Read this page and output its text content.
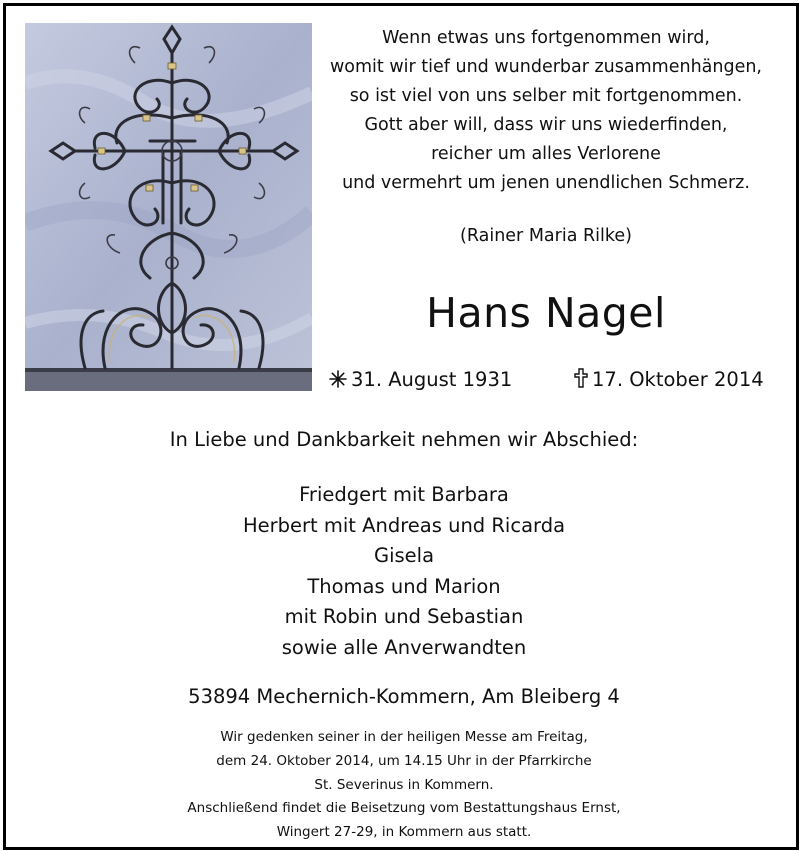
Wenn etwas uns fortgenommen wird,
womit wir tief und wunderbar zusammenhängen,
so ist viel von uns selber mit fortgenommen.
Gott aber will, dass wir uns wiederfinden,
reicher um alles Verlorene
und vermehrt um jenen unendlichen Schmerz.
(Rainer Maria Rilke)
Hans Nagel
31. August 1931	17. Oktober 2014
In Liebe und Dankbarkeit nehmen wir Abschied:
Friedgert mit Barbara
Herbert mit Andreas und Ricarda
Gisela
Thomas und Marion
mit Robin und Sebastian
sowie alle Anverwandten
53894 Mechernich-Kommern, Am Bleiberg 4
Wir gedenken seiner in der heiligen Messe am Freitag,
dem 24. Oktober 2014, um 14.15 Uhr in der Pfarrkirche
St. Severinus in Kommern.
Anschließend findet die Beisetzung vom Bestattungshaus Ernst,
Wingert 27-29, in Kommern aus statt.
